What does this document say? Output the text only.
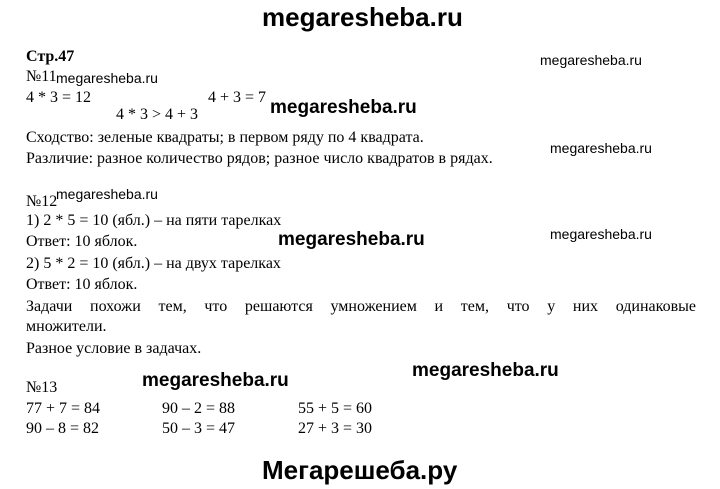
megaresheba.ru
Мегарешеба.ру
megaresheba.ru
megaresheba.ru
megaresheba.ru
megaresheba.ru
megaresheba.ru
megaresheba.ru	megaresheba.ru
megaresheba.ru	megaresheba.ru
Стр.47
№11
4 * 3 = 12	4 + 3 = 7
4 * 3 > 4 + 3
Сходство: зеленые квадраты; в первом ряду по 4 квадрата.
Различие: разное количество рядов; разное число квадратов в рядах.
№12
1) 2 * 5 = 10 (ябл.) – на пяти тарелках
Ответ: 10 яблок.
2) 5 * 2 = 10 (ябл.) – на двух тарелках
Ответ: 10 яблок.
Задачи похожи тем, что решаются умножением и тем, что у них одинаковые
множители.
Разное условие в задачах.
№13
77 + 7 = 84	90 – 2 = 88	55 + 5 = 60
90 – 8 = 82	50 – 3 = 47	27 + 3 = 30
